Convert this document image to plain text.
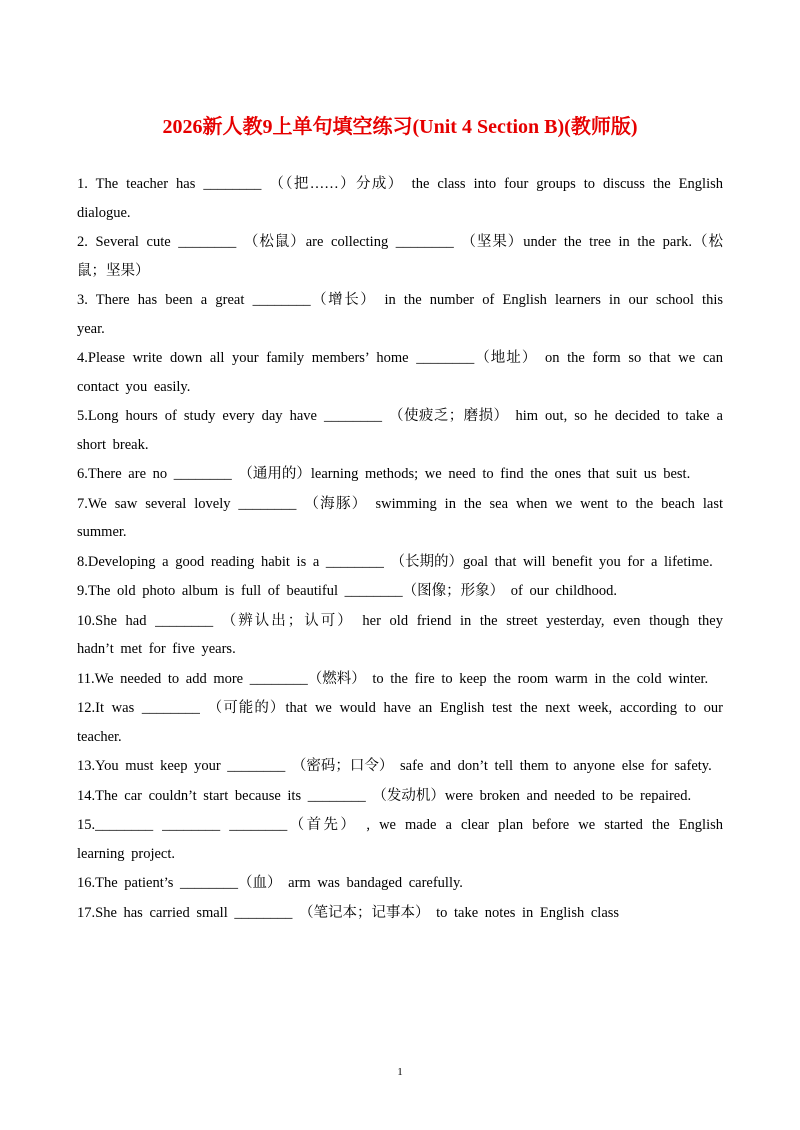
2026新人教9上单句填空练习(Unit 4 Section B)(教师版)

1. The teacher has ________ （（把……）分成） the class into four groups to discuss the English dialogue.

2. Several cute ________ （松鼠）are collecting ________ （坚果）under the tree in the park.（松鼠；坚果）

3. There has been a great ________（增长） in the number of English learners in our school this year.

4.Please write down all your family members’ home ________（地址） on the form so that we can contact you easily.

5.Long hours of study every day have ________ （使疲乏；磨损） him out, so he decided to take a short break.

6.There are no ________ （通用的）learning methods; we need to find the ones that suit us best.

7.We saw several lovely ________ （海豚） swimming in the sea when we went to the beach last summer.

8.Developing a good reading habit is a ________ （长期的）goal that will benefit you for a lifetime.

9.The old photo album is full of beautiful ________（图像；形象） of our childhood.

10.She had ________ （辨认出；认可） her old friend in the street yesterday, even though they hadn’t met for five years.

11.We needed to add more ________（燃料） to the fire to keep the room warm in the cold winter.

12.It was ________ （可能的）that we would have an English test the next week, according to our teacher.

13.You must keep your ________ （密码；口令） safe and don’t tell them to anyone else for safety.

14.The car couldn’t start because its ________ （发动机）were broken and needed to be repaired.

15.________ ________ ________（首先） , we made a clear plan before we started the English learning project.

16.The patient’s ________（血） arm was bandaged carefully.

17.She has carried small ________ （笔记本；记事本） to take notes in English class

1
